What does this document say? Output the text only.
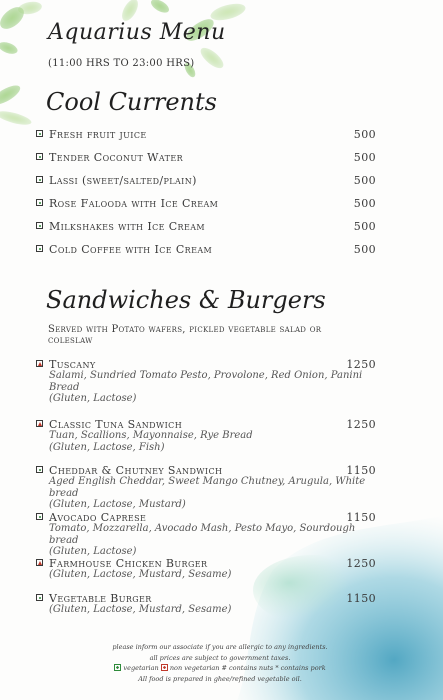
Aquarius Menu
(11:00 HRS TO 23:00 HRS)
Cool Currents
Fresh fruit juice	500
Tender Coconut Water	500
Lassi (sweet/salted/plain)	500
Rose Falooda with Ice Cream	500
Milkshakes with Ice Cream	500
Cold Coffee with Ice Cream	500
Sandwiches & Burgers
Served with Potato wafers, pickled vegetable salad or coleslaw
Tuscany	1250
Salami, Sundried Tomato Pesto, Provolone, Red Onion, Panini Bread
(Gluten, Lactose)
Classic Tuna Sandwich	1250
Tuan, Scallions, Mayonnaise, Rye Bread
(Gluten, Lactose, Fish)
Cheddar & Chutney Sandwich	1150
Aged English Cheddar, Sweet Mango Chutney, Arugula, White bread
(Gluten, Lactose, Mustard)
Avocado Caprese	1150
Tomato, Mozzarella, Avocado Mash, Pesto Mayo, Sourdough bread
(Gluten, Lactose)
Farmhouse Chicken Burger	1250
(Gluten, Lactose, Mustard, Sesame)
Vegetable Burger	1150
(Gluten, Lactose, Mustard, Sesame)
please inform our associate if you are allergic to any ingredients.
all prices are subject to government taxes.
vegetarian non vegetarian # contains nuts * contains pork
All food is prepared in ghee/refined vegetable oil.
